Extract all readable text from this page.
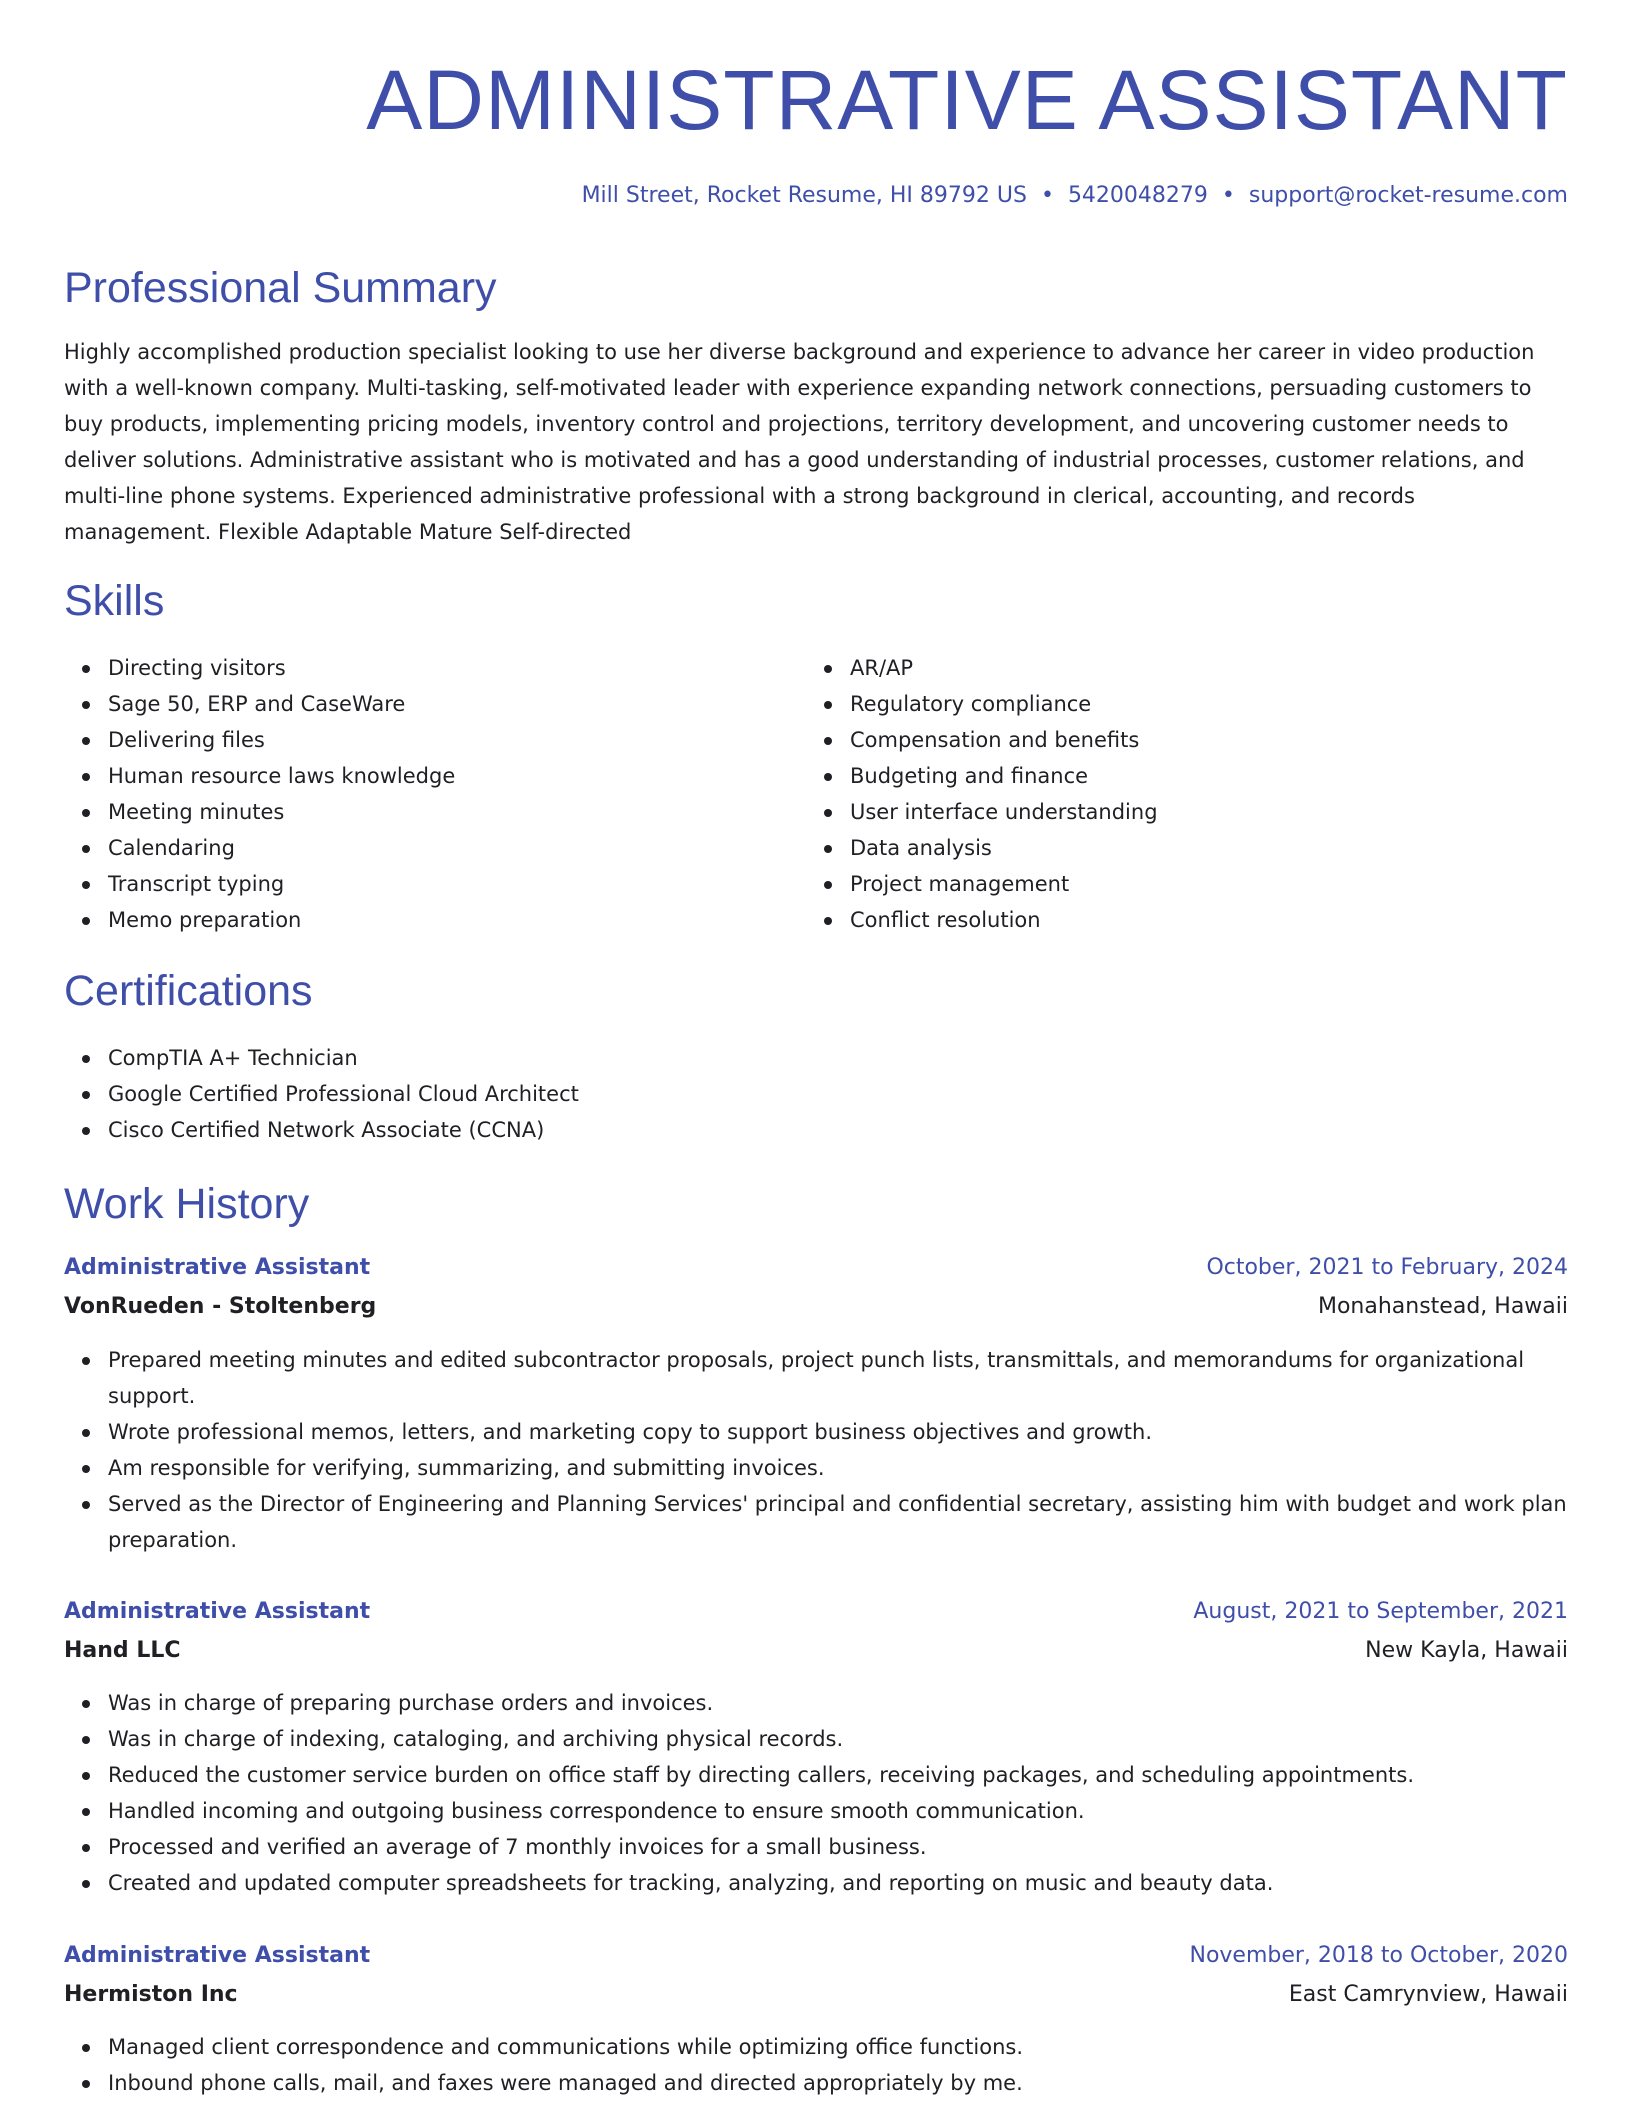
ADMINISTRATIVE ASSISTANT
Mill Street, Rocket Resume, HI 89792 US • 5420048279 • support@rocket-resume.com
Professional Summary

Highly accomplished production specialist looking to use her diverse background and experience to advance her career in video production with a well-known company. Multi-tasking, self-motivated leader with experience expanding network connections, persuading customers to buy products, implementing pricing models, inventory control and projections, territory development, and uncovering customer needs to deliver solutions. Administrative assistant who is motivated and has a good understanding of industrial processes, customer relations, and multi-line phone systems. Experienced administrative professional with a strong background in clerical, accounting, and records management. Flexible Adaptable Mature Self-directed

Skills
Directing visitors
Sage 50, ERP and CaseWare
Delivering files
Human resource laws knowledge
Meeting minutes
Calendaring
Transcript typing
Memo preparation
AR/AP
Regulatory compliance
Compensation and benefits
Budgeting and finance
User interface understanding
Data analysis
Project management
Conflict resolution
Certifications
CompTIA A+ Technician
Google Certified Professional Cloud Architect
Cisco Certified Network Associate (CCNA)
Work History
Administrative Assistant	October, 2021 to February, 2024
VonRueden - Stoltenberg	Monahanstead, Hawaii
Prepared meeting minutes and edited subcontractor proposals, project punch lists, transmittals, and memorandums for organizational support.
Wrote professional memos, letters, and marketing copy to support business objectives and growth.
Am responsible for verifying, summarizing, and submitting invoices.
Served as the Director of Engineering and Planning Services' principal and confidential secretary, assisting him with budget and work plan preparation.
Administrative Assistant	August, 2021 to September, 2021
Hand LLC	New Kayla, Hawaii
Was in charge of preparing purchase orders and invoices.
Was in charge of indexing, cataloging, and archiving physical records.
Reduced the customer service burden on office staff by directing callers, receiving packages, and scheduling appointments.
Handled incoming and outgoing business correspondence to ensure smooth communication.
Processed and verified an average of 7 monthly invoices for a small business.
Created and updated computer spreadsheets for tracking, analyzing, and reporting on music and beauty data.
Administrative Assistant	November, 2018 to October, 2020
Hermiston Inc	East Camrynview, Hawaii
Managed client correspondence and communications while optimizing office functions.
Inbound phone calls, mail, and faxes were managed and directed appropriately by me.
